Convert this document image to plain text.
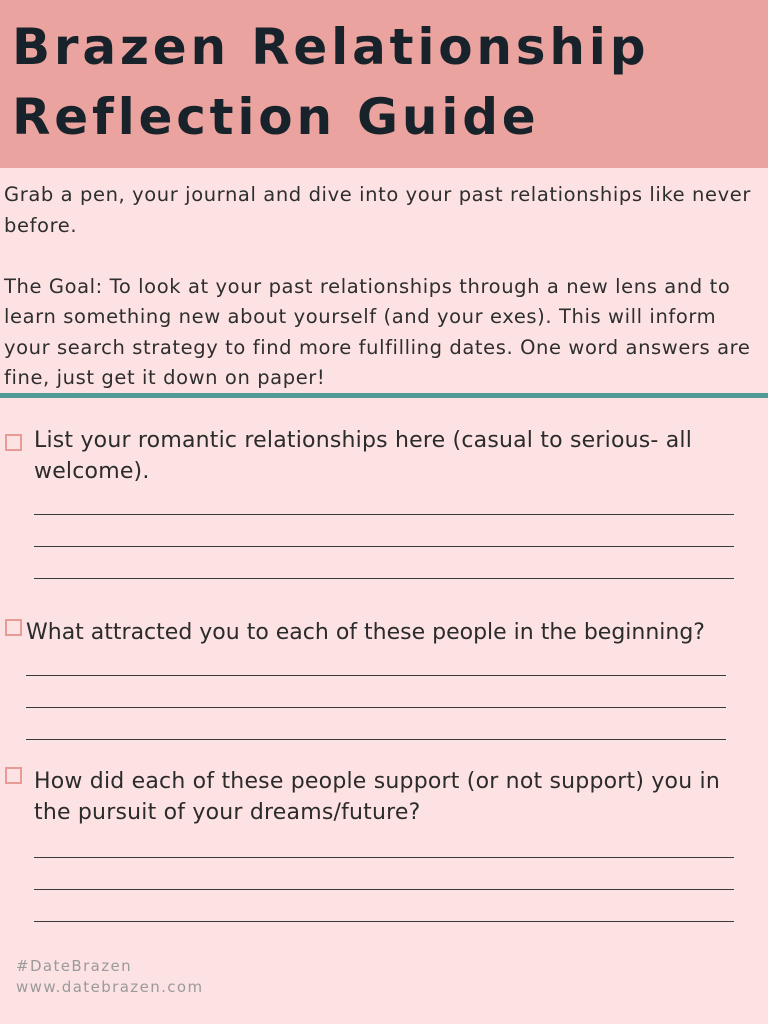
Brazen Relationship
Reflection Guide

Grab a pen, your journal and dive into your past relationships like never before.

The Goal: To look at your past relationships through a new lens and to learn something new about yourself (and your exes). This will inform your search strategy to find more fulfilling dates. One word answers are fine, just get it down on paper!

List your romantic relationships here (casual to serious- all welcome).

What attracted you to each of these people in the beginning?

How did each of these people support (or not support) you in the pursuit of your dreams/future?

#DateBrazen
www.datebrazen.com
